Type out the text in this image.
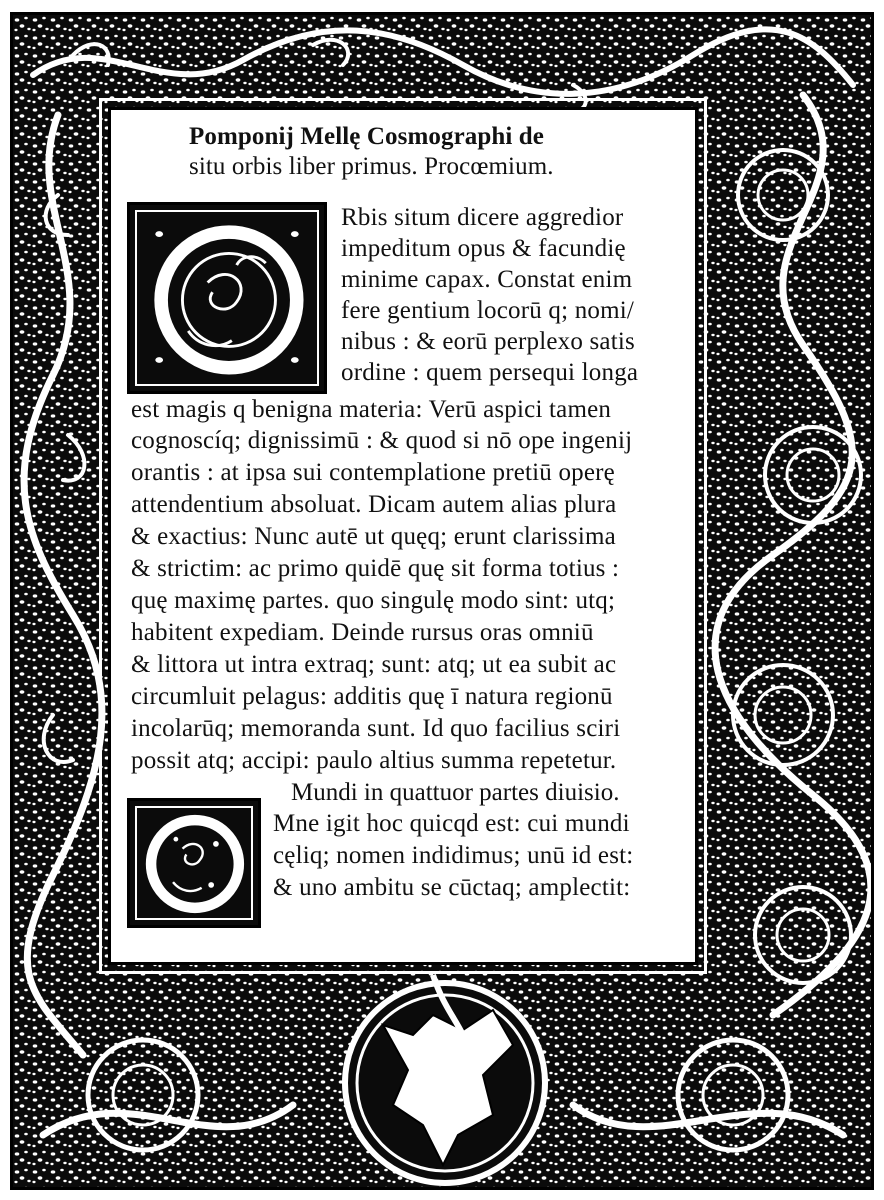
Pomponij Mellę Cosmographi de
situ orbis liber primus. Procœmium.
Rbis situm dicere aggredior
impeditum opus & facundię
minime capax. Constat enim
fere gentium locorū q; nomi/
nibus : & eorū perplexo satis
ordine : quem persequi longa
est magis q benigna materia: Verū aspici tamen
cognoscíq; dignissimū : & quod si nō ope ingenij
orantis : at ipsa sui contemplatione pretiū operę
attendentium absoluat. Dicam autem alias plura
& exactius: Nunc autē ut quęq; erunt clarissima
& strictim: ac primo quidē quę sit forma totius :
quę maximę partes. quo singulę modo sint: utq;
habitent expediam. Deinde rursus oras omniū
& littora ut intra extraq; sunt: atq; ut ea subit ac
circumluit pelagus: additis quę ī natura regionū
incolarūq; memoranda sunt. Id quo facilius sciri
possit atq; accipi: paulo altius summa repetetur.
Mundi in quattuor partes diuisio.
Mne igit hoc quicqd est: cui mundi
cęliq; nomen indidimus; unū id est:
& uno ambitu se cūctaq; amplectit:
